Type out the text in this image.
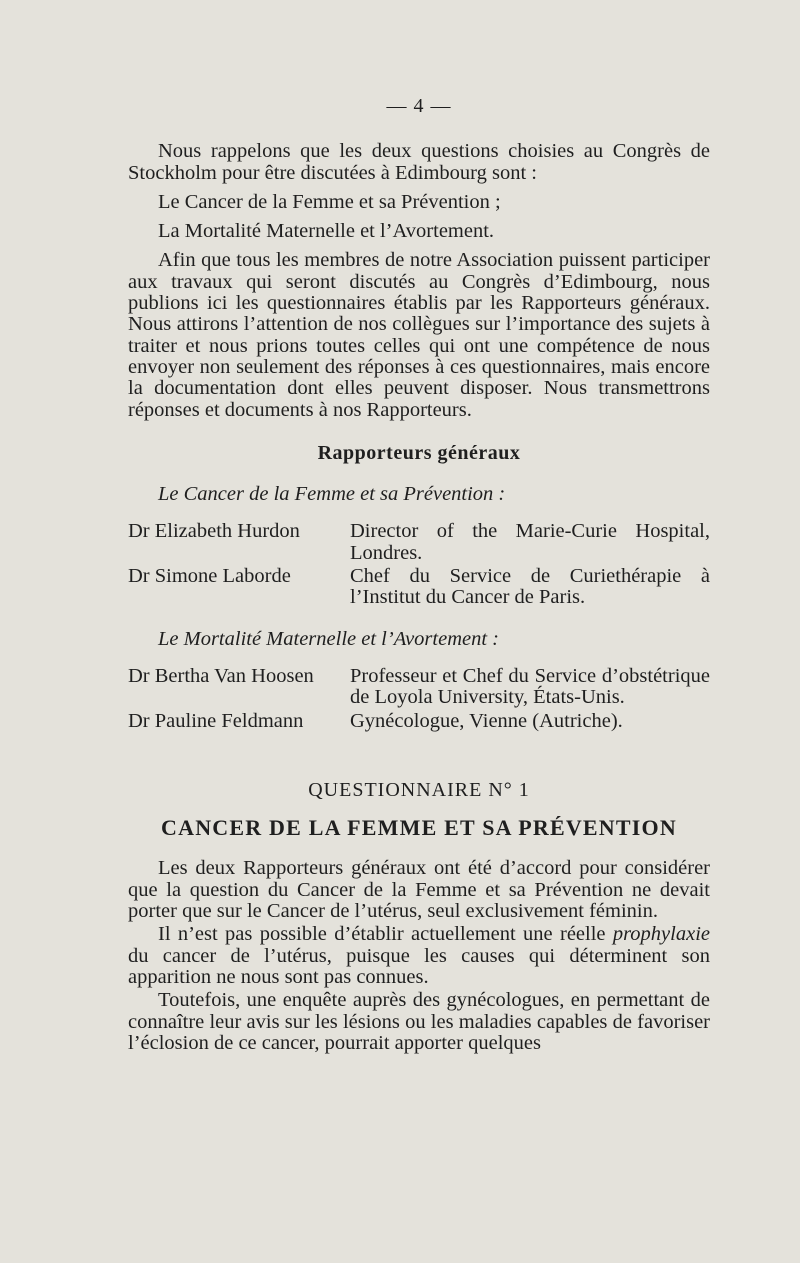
— 4 —

Nous rappelons que les deux questions choisies au Congrès de Stockholm pour être discutées à Edimbourg sont :

Le Cancer de la Femme et sa Prévention ;

La Mortalité Maternelle et l’Avortement.

Afin que tous les membres de notre Association puissent participer aux travaux qui seront discutés au Congrès d’Edimbourg, nous publions ici les questionnaires établis par les Rapporteurs généraux. Nous attirons l’attention de nos collègues sur l’importance des sujets à traiter et nous prions toutes celles qui ont une compétence de nous envoyer non seulement des réponses à ces questionnaires, mais encore la documentation dont elles peuvent disposer. Nous transmettrons réponses et documents à nos Rapporteurs.

Rapporteurs généraux
Le Cancer de la Femme et sa Prévention :
Dr Elizabeth Hurdon	Director of the Marie-Curie Hospital, Londres.
Dr Simone Laborde	Chef du Service de Curiethérapie à l’Institut du Cancer de Paris.
Le Mortalité Maternelle et l’Avortement :
Dr Bertha Van Hoosen	Professeur et Chef du Service d’obstétrique de Loyola University, États-Unis.
Dr Pauline Feldmann	Gynécologue, Vienne (Autriche).
QUESTIONNAIRE N° 1
CANCER DE LA FEMME ET SA PRÉVENTION

Les deux Rapporteurs généraux ont été d’accord pour considérer que la question du Cancer de la Femme et sa Prévention ne devait porter que sur le Cancer de l’utérus, seul exclusivement féminin.

Il n’est pas possible d’établir actuellement une réelle prophylaxie du cancer de l’utérus, puisque les causes qui déterminent son apparition ne nous sont pas connues.

Toutefois, une enquête auprès des gynécologues, en permettant de connaître leur avis sur les lésions ou les maladies capables de favoriser l’éclosion de ce cancer, pourrait apporter quelques
